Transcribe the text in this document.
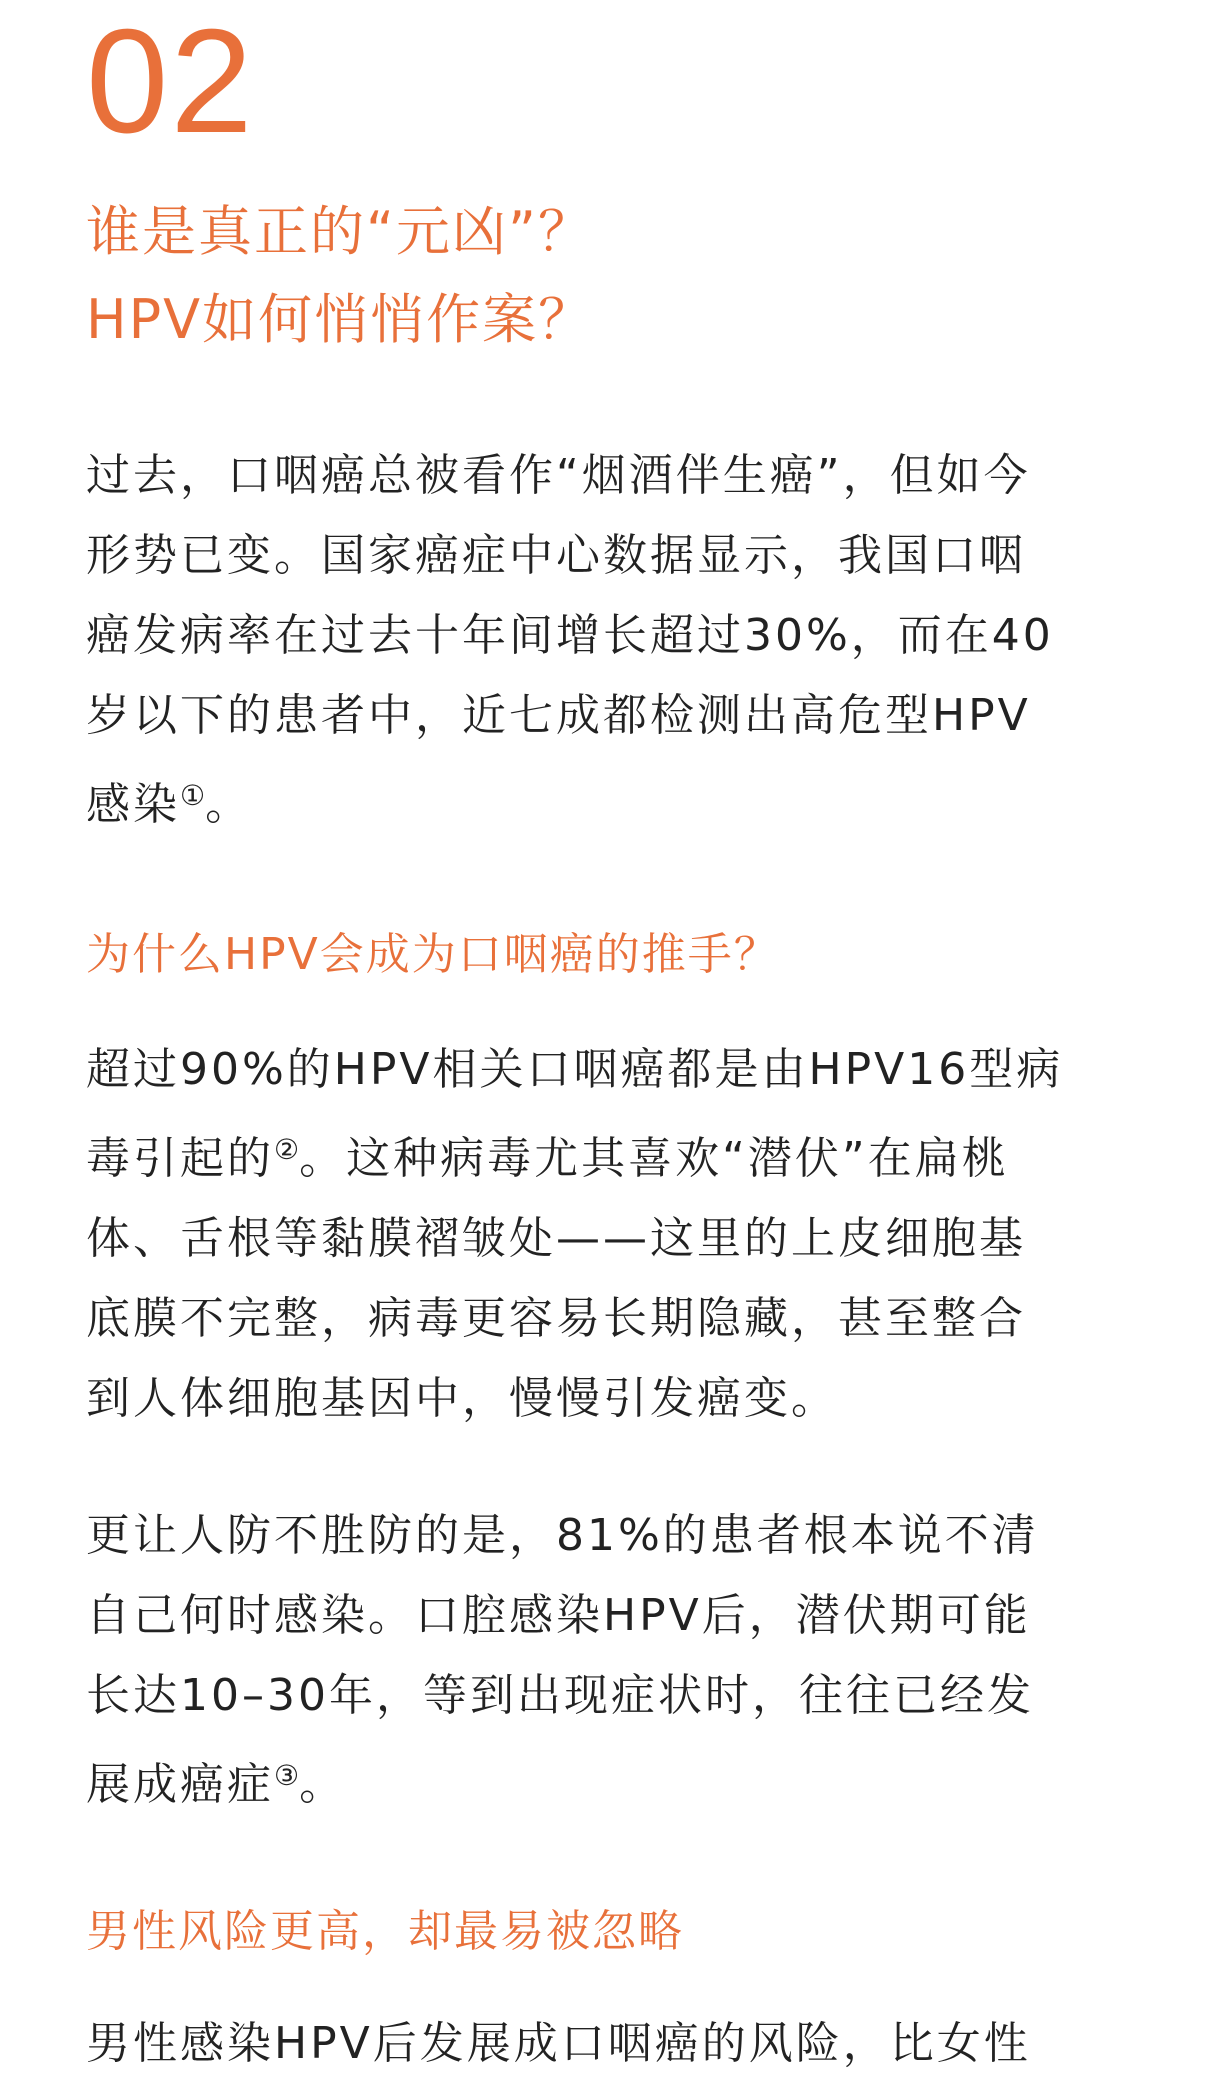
02
谁是真正的“元凶”？
HPV如何悄悄作案？

过去，口咽癌总被看作“烟酒伴生癌”，但如今
形势已变。国家癌症中心数据显示，我国口咽
癌发病率在过去十年间增长超过30%，而在40
岁以下的患者中，近七成都检测出高危型HPV
感染①。

为什么HPV会成为口咽癌的推手？

超过90%的HPV相关口咽癌都是由HPV16型病
毒引起的②。这种病毒尤其喜欢“潜伏”在扁桃
体、舌根等黏膜褶皱处——这里的上皮细胞基
底膜不完整，病毒更容易长期隐藏，甚至整合
到人体细胞基因中，慢慢引发癌变。

更让人防不胜防的是，81%的患者根本说不清
自己何时感染。口腔感染HPV后，潜伏期可能
长达10–30年，等到出现症状时，往往已经发
展成癌症③。

男性风险更高，却最易被忽略

男性感染HPV后发展成口咽癌的风险，比女性
